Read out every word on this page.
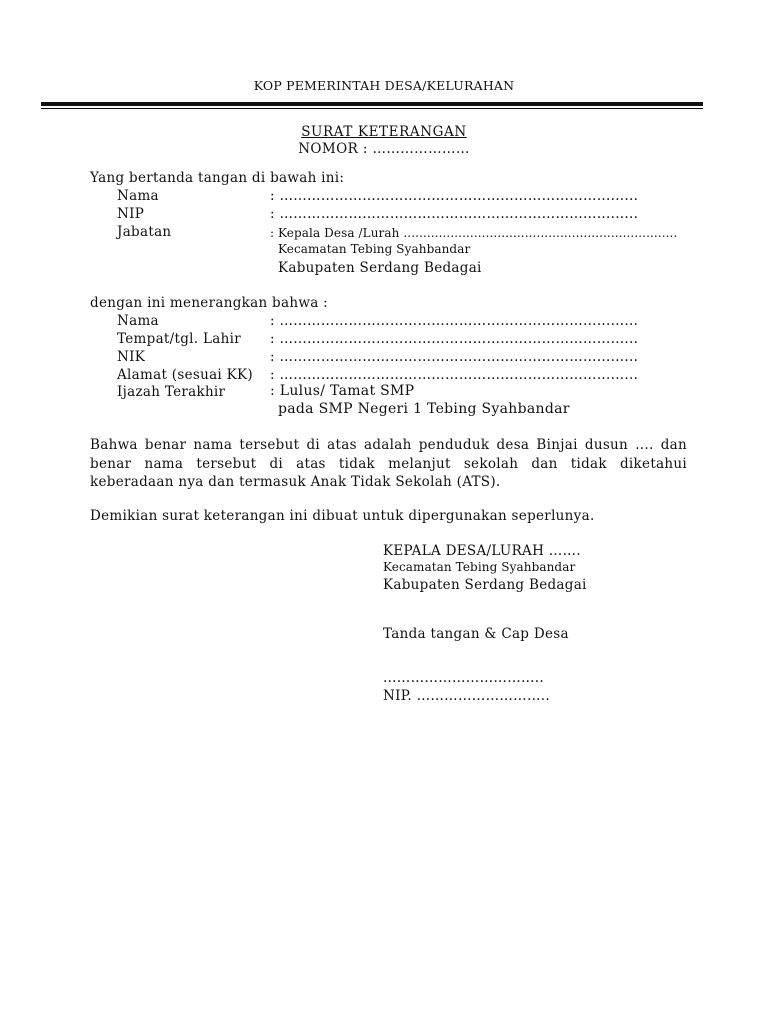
KOP PEMERINTAH DESA/KELURAHAN
SURAT KETERANGAN
NOMOR : …………………
Yang bertanda tangan di bawah ini:
Nama	: …………………………………………………………….........
NIP	: …………………………………………………………….........
Jabatan	: Kepala Desa /Lurah ......................................................................
Kecamatan Tebing Syahbandar
Kabupaten Serdang Bedagai
dengan ini menerangkan bahwa :
Nama	: …………………………………………………………….........
Tempat/tgl. Lahir : …………………………………………………………….........
NIK	: …………………………………………………………….........
Alamat (sesuai KK) : …………………………………………………………….........
Ijazah Terakhir	: Lulus/ Tamat SMP
pada SMP Negeri 1 Tebing Syahbandar
Bahwa benar nama tersebut di atas adalah penduduk desa Binjai dusun .... dan benar nama tersebut di atas tidak melanjut sekolah dan tidak diketahui keberadaan nya dan termasuk Anak Tidak Sekolah (ATS).
Demikian surat keterangan ini dibuat untuk dipergunakan seperlunya.
KEPALA DESA/LURAH …….
Kecamatan Tebing Syahbandar
Kabupaten Serdang Bedagai
Tanda tangan & Cap Desa
……………………………..
NIP. ………………………..
